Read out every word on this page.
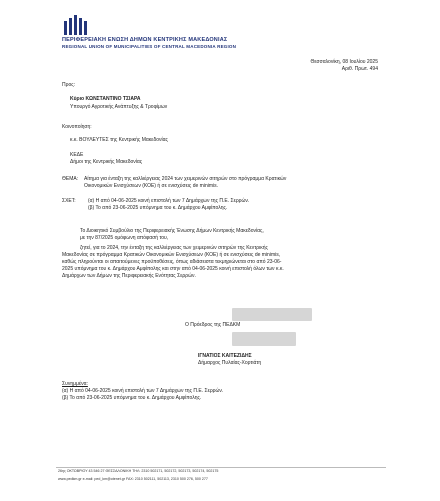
ΠΕΡΙΦΕΡΕΙΑΚΗ ΕΝΩΣΗ ΔΗΜΩΝ ΚΕΝΤΡΙΚΗΣ ΜΑΚΕΔΟΝΙΑΣ
REGIONAL UNION OF MUNICIPALITIES OF CENTRAL MACEDONIA REGION
Θεσσαλονίκη, 08 Ιουλίου 2025
Αριθ. Πρωτ. 494
Προς:
Κύριο ΚΩΝΣΤΑΝΤΙΝΟ ΤΣΙΑΡΑ
Υπουργό Αγροτικής Ανάπτυξης & Τροφίμων
Κοινοποίηση:
κ.κ. ΒΟΥΛΕΥΤΕΣ της Κεντρικής Μακεδονίας
ΚΕΔΕ
Δήμοι της Κεντρικής Μακεδονίας
ΘΕΜΑ: Αίτημα για ένταξη της καλλιέργειας 2024 των χειμερινών σιτηρών στο πρόγραμμα Κρατικών
Οικονομικών Ενισχύσεων (ΚΟΕ) ή σε ενισχύσεις de minimis.
ΣΧΕΤ: (α) Η από 04-06-2025 κοινή επιστολή των 7 Δημάρχων της Π.Ε. Σερρών.
(β) Το από 23-06-2025 υπόμνημα του κ. Δημάρχου Αμφίπολης.
Το Διοικητικό Συμβούλιο της Περιφερειακής Ένωσης Δήμων Κεντρικής Μακεδονίας,
με την 87/2025 ομόφωνη απόφασή του,
ζητεί, για το 2024, την ένταξη της καλλιέργειας των χειμερινών σιτηρών της Κεντρικής
Μακεδονίας σε πρόγραμμα Κρατικών Οικονομικών Ενισχύσεων (ΚΟΕ) ή σε ενισχύσεις de minimis,
καθώς πληρούνται οι απαιτούμενες προϋποθέσεις, όπως αδιάσειστα τεκμηριώνεται στο από 23-06-
2025 υπόμνημα του κ. Δημάρχου Αμφίπολης και στην από 04-06-2025 κοινή επιστολή όλων των κ.κ.
Δημάρχων των Δήμων της Περιφερειακής Ενότητας Σερρών.
Ο Πρόεδρος της ΠΕΔΚΜ
ΙΓΝΑΤΙΟΣ ΚΑΙΤΕΖΙΔΗΣ
Δήμαρχος Πυλαίας-Χορτιάτη
Συνημμένα:
(α) Η από 04-06-2025 κοινή επιστολή των 7 Δημάρχων της Π.Ε. Σερρών.
(β) Το από 23-06-2025 υπόμνημα του κ. Δημάρχου Αμφίπολης.
26ης ΟΚΤΩΒΡΙΟΥ 43 546 27 ΘΕΣΣΑΛΟΝΙΚΗ ΤΗΛ: 2310 502171, 502172, 502173, 502174, 502175
www.pedkm.gr e-mail: ped_km@otenet.gr FAX: 2310 502111, 502113, 2310 500 276, 500 277
